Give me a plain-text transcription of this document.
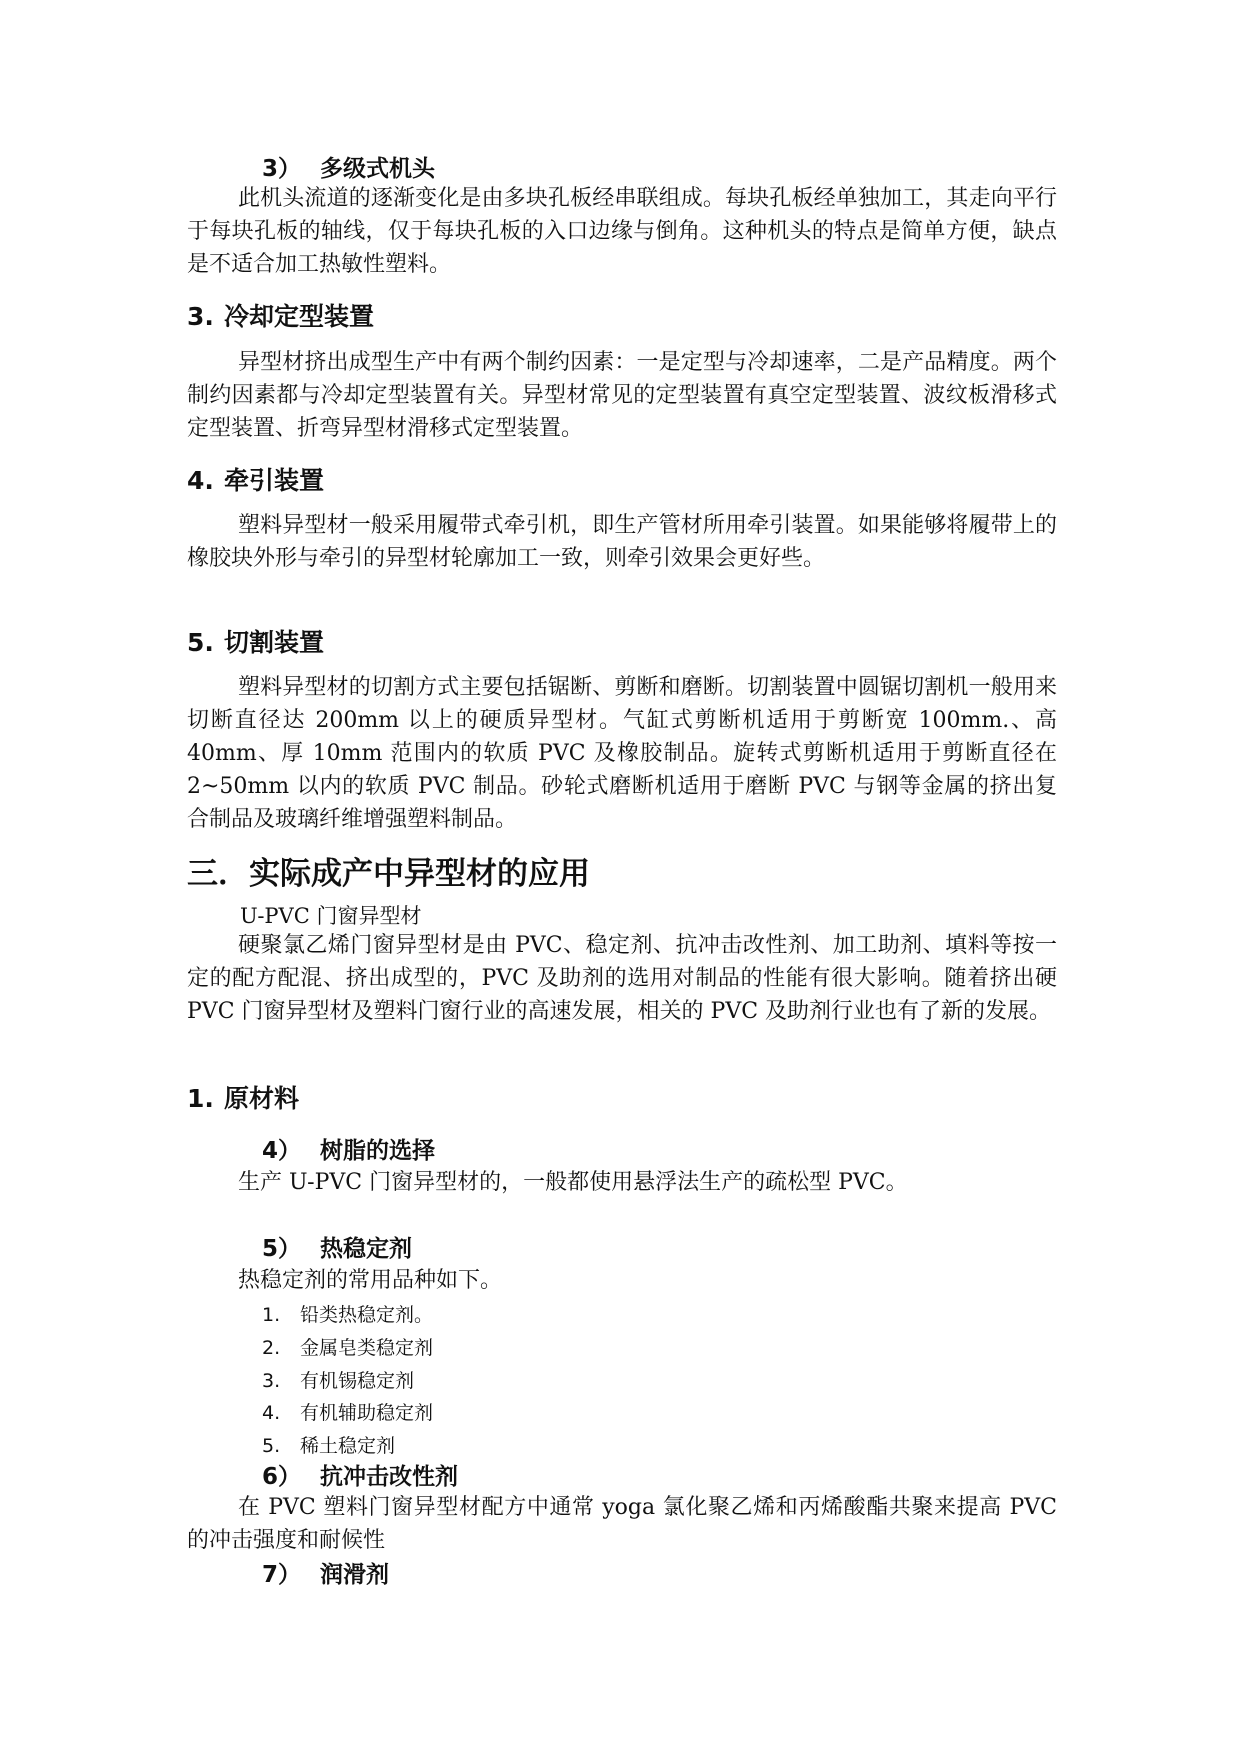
3） 多级式机头
此机头流道的逐渐变化是由多块孔板经串联组成。每块孔板经单独加工，其走向平行于每块孔板的轴线，仅于每块孔板的入口边缘与倒角。这种机头的特点是简单方便，缺点是不适合加工热敏性塑料。
3. 冷却定型装置
异型材挤出成型生产中有两个制约因素：一是定型与冷却速率，二是产品精度。两个制约因素都与冷却定型装置有关。异型材常见的定型装置有真空定型装置、波纹板滑移式定型装置、折弯异型材滑移式定型装置。
4. 牵引装置
塑料异型材一般采用履带式牵引机，即生产管材所用牵引装置。如果能够将履带上的橡胶块外形与牵引的异型材轮廓加工一致，则牵引效果会更好些。
5. 切割装置
塑料异型材的切割方式主要包括锯断、剪断和磨断。切割装置中圆锯切割机一般用来切断直径达 200mm 以上的硬质异型材。气缸式剪断机适用于剪断宽 100mm.、高 40mm、厚 10mm 范围内的软质 PVC 及橡胶制品。旋转式剪断机适用于剪断直径在 2~50mm 以内的软质 PVC 制品。砂轮式磨断机适用于磨断 PVC 与钢等金属的挤出复合制品及玻璃纤维增强塑料制品。
三．实际成产中异型材的应用
U-PVC 门窗异型材
硬聚氯乙烯门窗异型材是由 PVC、稳定剂、抗冲击改性剂、加工助剂、填料等按一定的配方配混、挤出成型的，PVC 及助剂的选用对制品的性能有很大影响。随着挤出硬 PVC 门窗异型材及塑料门窗行业的高速发展，相关的 PVC 及助剂行业也有了新的发展。
1. 原材料
4） 树脂的选择
生产 U-PVC 门窗异型材的，一般都使用悬浮法生产的疏松型 PVC。
5） 热稳定剂
热稳定剂的常用品种如下。
1. 铅类热稳定剂。
2. 金属皂类稳定剂
3. 有机锡稳定剂
4. 有机辅助稳定剂
5. 稀土稳定剂
6） 抗冲击改性剂
在 PVC 塑料门窗异型材配方中通常 yoga 氯化聚乙烯和丙烯酸酯共聚来提高 PVC 的冲击强度和耐候性
7） 润滑剂
